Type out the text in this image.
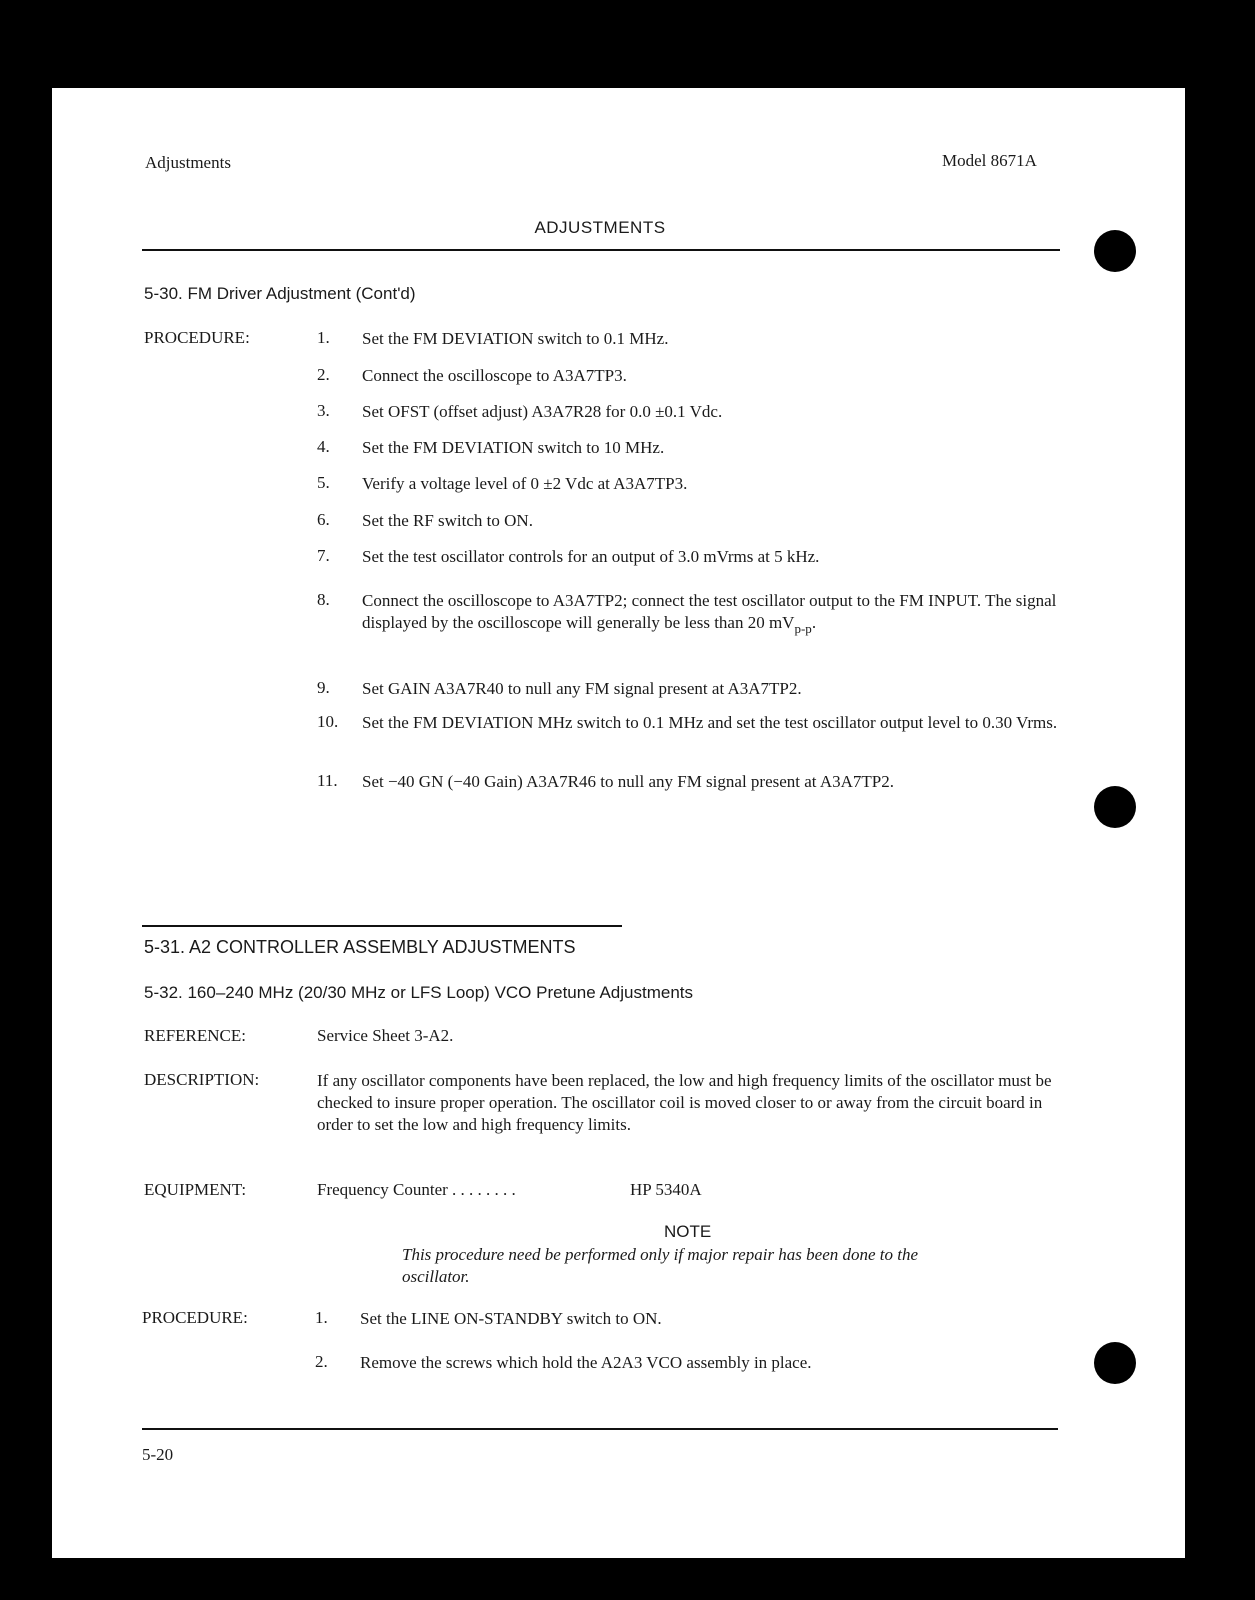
Adjustments	Model 8671A
ADJUSTMENTS
5-30. FM Driver Adjustment (Cont'd)
PROCEDURE:	1.	Set the FM DEVIATION switch to 0.1 MHz.
2.	Connect the oscilloscope to A3A7TP3.
3.	Set OFST (offset adjust) A3A7R28 for 0.0 ±0.1 Vdc.
4.	Set the FM DEVIATION switch to 10 MHz.
5.	Verify a voltage level of 0 ±2 Vdc at A3A7TP3.
6.	Set the RF switch to ON.
7.	Set the test oscillator controls for an output of 3.0 mVrms at 5 kHz.
8.	Connect the oscilloscope to A3A7TP2; connect the test oscillator output to the FM INPUT. The signal displayed by the oscilloscope will generally be less than 20 $mV_{p-p}$.
9.	Set GAIN A3A7R40 to null any FM signal present at A3A7TP2.
10.	Set the FM DEVIATION MHz switch to 0.1 MHz and set the test oscillator output level to 0.30 Vrms.
11.	Set −40 GN (−40 Gain) A3A7R46 to null any FM signal present at A3A7TP2.
5-31. A2 CONTROLLER ASSEMBLY ADJUSTMENTS
5-32. 160–240 MHz (20/30 MHz or LFS Loop) VCO Pretune Adjustments
REFERENCE:	Service Sheet 3-A2.
DESCRIPTION:	If any oscillator components have been replaced, the low and high frequency limits of the oscillator must be checked to insure proper operation. The oscillator coil is moved closer to or away from the circuit board in order to set the low and high frequency limits.
EQUIPMENT:	Frequency Counter . . . . . . . .	HP 5340A
NOTE
This procedure need be performed only if major repair has been done to the oscillator.
PROCEDURE:	1.	Set the LINE ON-STANDBY switch to ON.
2.	Remove the screws which hold the A2A3 VCO assembly in place.
5-20
